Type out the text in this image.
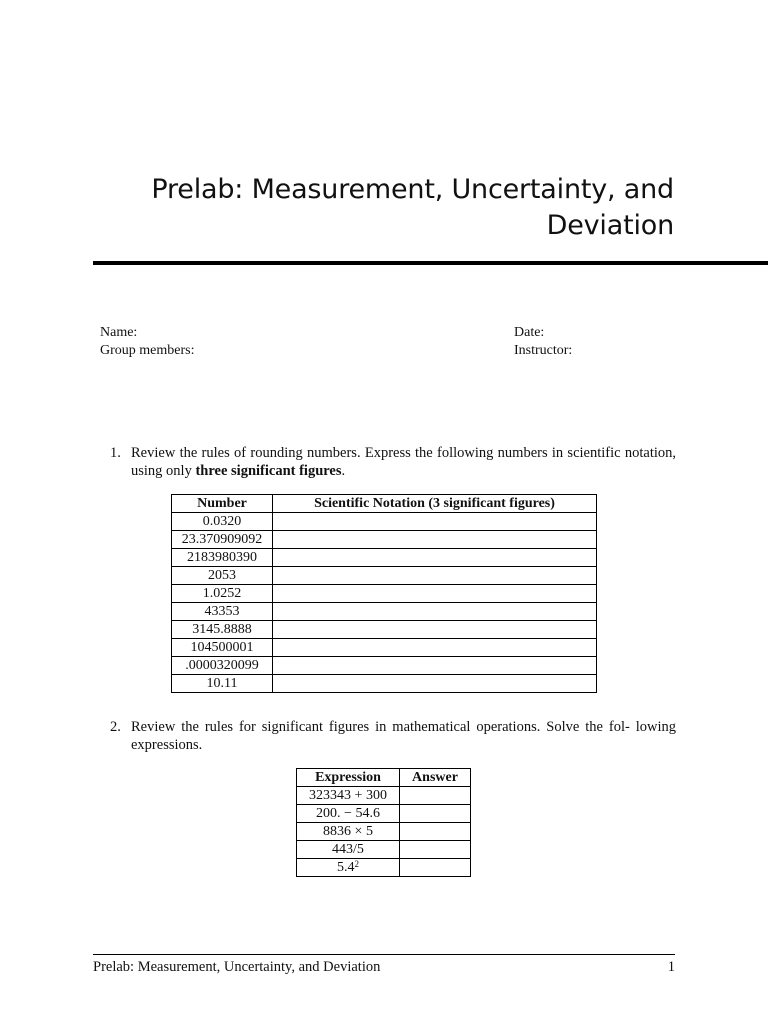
Prelab: Measurement, Uncertainty, and
Deviation
Name:
Group members:
Date:
Instructor:
1. Review the rules of rounding numbers. Express the following numbers in scientific notation, using only three significant figures.
Number	Scientific Notation (3 significant figures)
0.0320	
23.370909092	
2183980390	
2053	
1.0252	
43353	
3145.8888	
104500001	
.0000320099	
10.11	
2. Review the rules for significant figures in mathematical operations. Solve the fol- lowing expressions.
Expression	Answer
323343 + 300	
200. − 54.6	
8836 × 5	
443/5	
$5.4^2$	
Prelab: Measurement, Uncertainty, and Deviation	1
